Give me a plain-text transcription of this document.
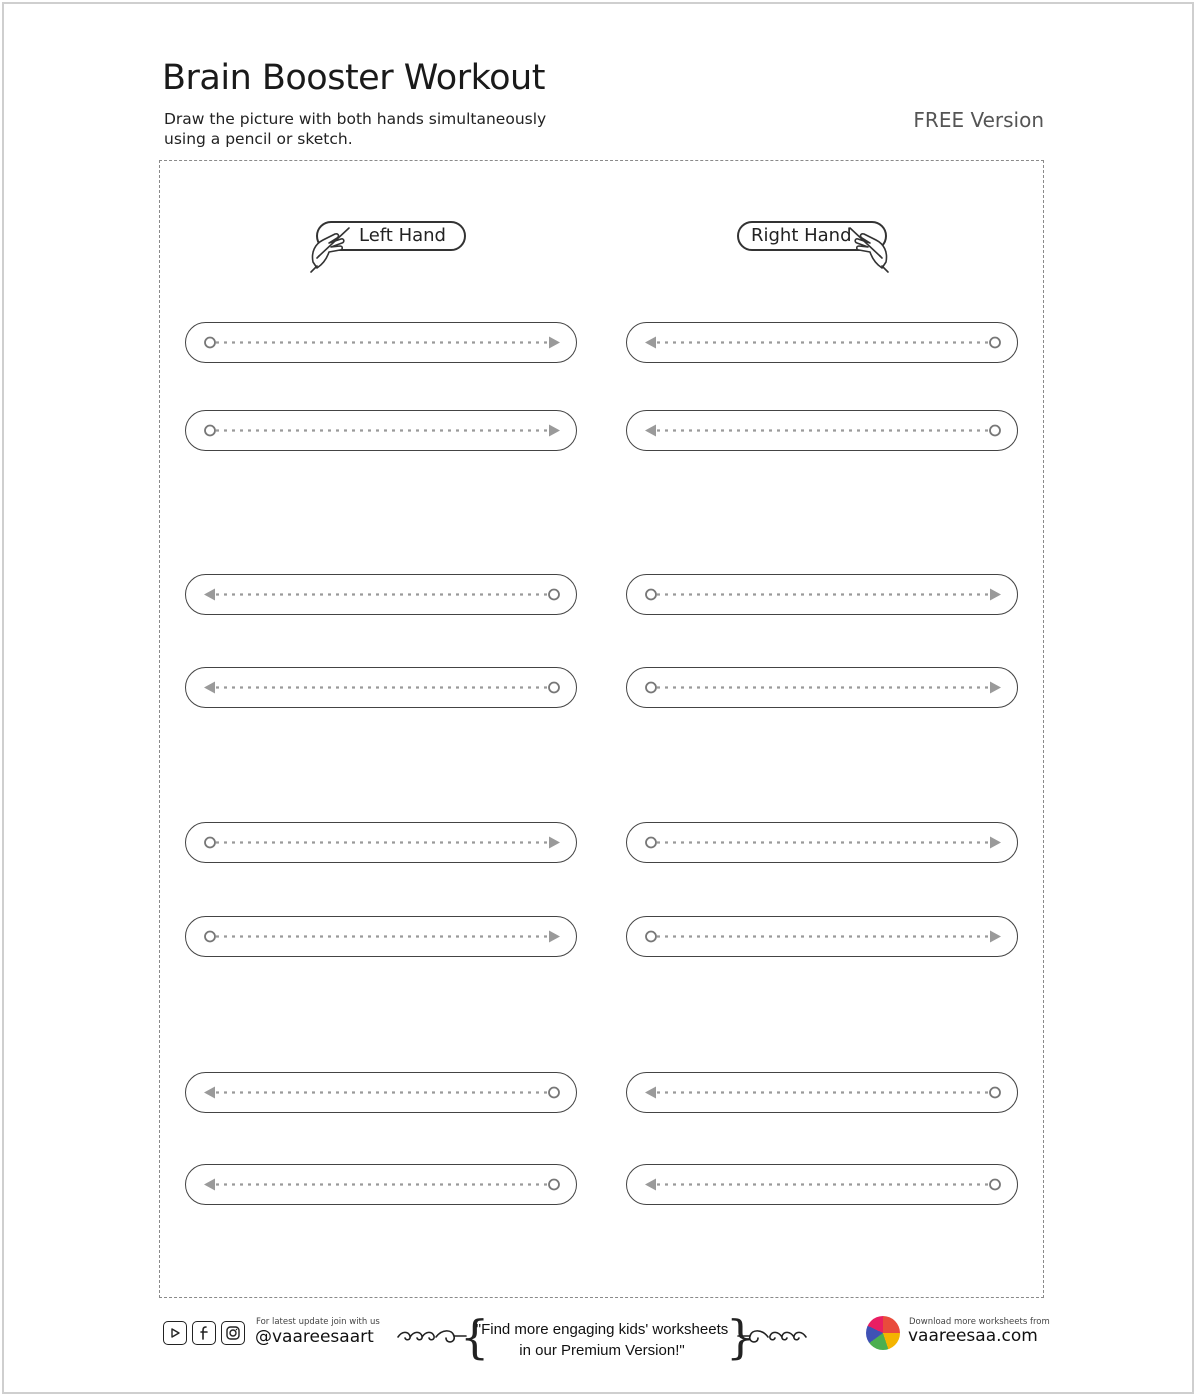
Brain Booster Workout
Draw the picture with both hands simultaneously using a pencil or sketch.
FREE Version
Left Hand	Right Hand
For latest update join with us
@vaareesaart {
"Find more engaging kids' worksheets
in our Premium Version!" }	Download more worksheets from
vaareesaa.com
